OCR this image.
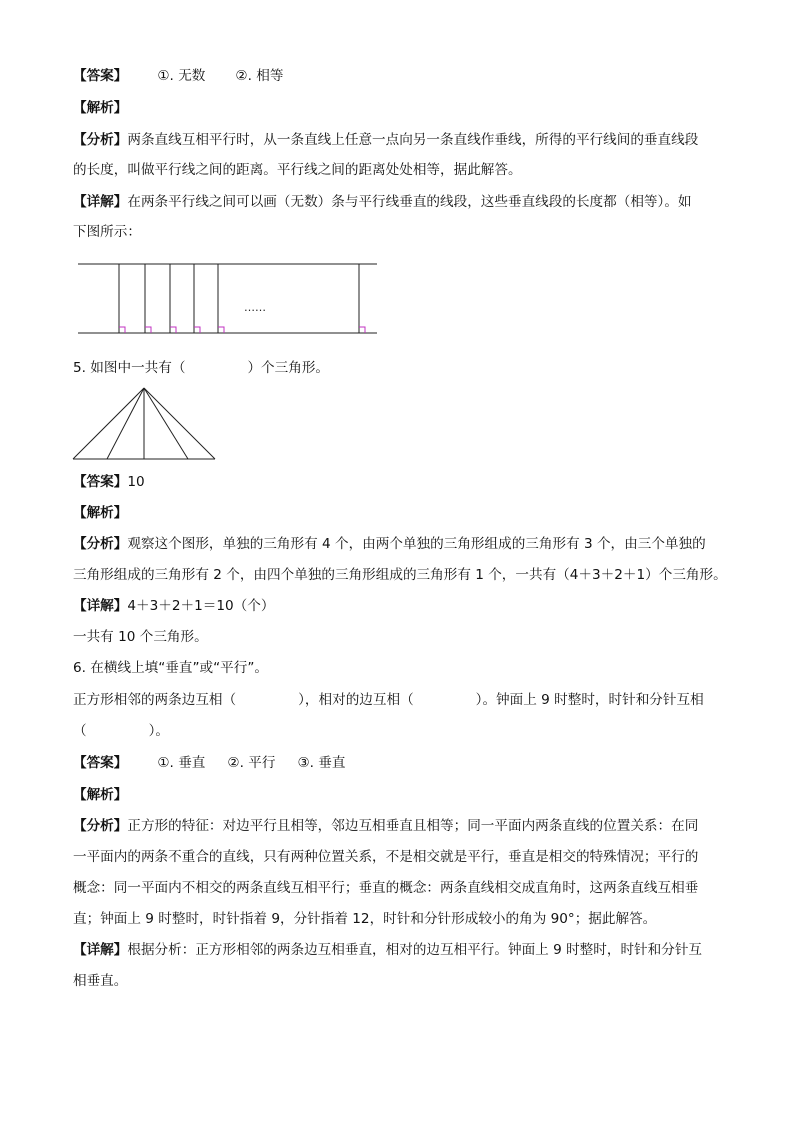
【答案】 ①. 无数 ②. 相等
【解析】
【分析】两条直线互相平行时，从一条直线上任意一点向另一条直线作垂线，所得的平行线间的垂直线段
的长度，叫做平行线之间的距离。平行线之间的距离处处相等，据此解答。
【详解】在两条平行线之间可以画（无数）条与平行线垂直的线段，这些垂直线段的长度都（相等）。如
下图所示：
……
5. 如图中一共有（	）个三角形。
【答案】10
【解析】
【分析】观察这个图形，单独的三角形有 4 个，由两个单独的三角形组成的三角形有 3 个，由三个单独的
三角形组成的三角形有 2 个，由四个单独的三角形组成的三角形有 1 个，一共有（4＋3＋2＋1）个三角形。
【详解】4＋3＋2＋1＝10（个）
一共有 10 个三角形。
6. 在横线上填“垂直”或“平行”。
正方形相邻的两条边互相（	），相对的边互相（	）。钟面上 9 时整时，时针和分针互相
（	）。
【答案】 ①. 垂直 ②. 平行 ③. 垂直
【解析】
【分析】正方形的特征：对边平行且相等，邻边互相垂直且相等；同一平面内两条直线的位置关系：在同
一平面内的两条不重合的直线，只有两种位置关系，不是相交就是平行，垂直是相交的特殊情况；平行的
概念：同一平面内不相交的两条直线互相平行；垂直的概念：两条直线相交成直角时，这两条直线互相垂
直；钟面上 9 时整时，时针指着 9，分针指着 12，时针和分针形成较小的角为 90°；据此解答。
【详解】根据分析：正方形相邻的两条边互相垂直，相对的边互相平行。钟面上 9 时整时，时针和分针互
相垂直。
